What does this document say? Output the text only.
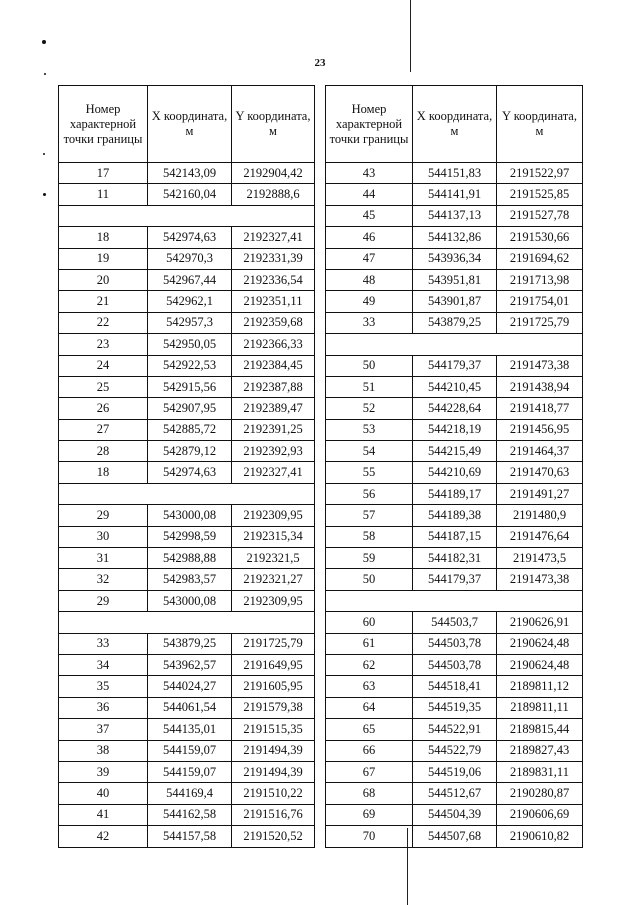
23
Номер характерной точки границы	X координата, м	Y координата, м
17	542143,09	2192904,42
11	542160,04	2192888,6

18	542974,63	2192327,41
19	542970,3	2192331,39
20	542967,44	2192336,54
21	542962,1	2192351,11
22	542957,3	2192359,68
23	542950,05	2192366,33
24	542922,53	2192384,45
25	542915,56	2192387,88
26	542907,95	2192389,47
27	542885,72	2192391,25
28	542879,12	2192392,93
18	542974,63	2192327,41

29	543000,08	2192309,95
30	542998,59	2192315,34
31	542988,88	2192321,5
32	542983,57	2192321,27
29	543000,08	2192309,95

33	543879,25	2191725,79
34	543962,57	2191649,95
35	544024,27	2191605,95
36	544061,54	2191579,38
37	544135,01	2191515,35
38	544159,07	2191494,39
39	544159,07	2191494,39
40	544169,4	2191510,22
41	544162,58	2191516,76
42	544157,58	2191520,52
Номер характерной точки границы	X координата, м	Y координата, м
43	544151,83	2191522,97
44	544141,91	2191525,85
45	544137,13	2191527,78
46	544132,86	2191530,66
47	543936,34	2191694,62
48	543951,81	2191713,98
49	543901,87	2191754,01
33	543879,25	2191725,79

50	544179,37	2191473,38
51	544210,45	2191438,94
52	544228,64	2191418,77
53	544218,19	2191456,95
54	544215,49	2191464,37
55	544210,69	2191470,63
56	544189,17	2191491,27
57	544189,38	2191480,9
58	544187,15	2191476,64
59	544182,31	2191473,5
50	544179,37	2191473,38

60	544503,7	2190626,91
61	544503,78	2190624,48
62	544503,78	2190624,48
63	544518,41	2189811,12
64	544519,35	2189811,11
65	544522,91	2189815,44
66	544522,79	2189827,43
67	544519,06	2189831,11
68	544512,67	2190280,87
69	544504,39	2190606,69
70	544507,68	2190610,82
